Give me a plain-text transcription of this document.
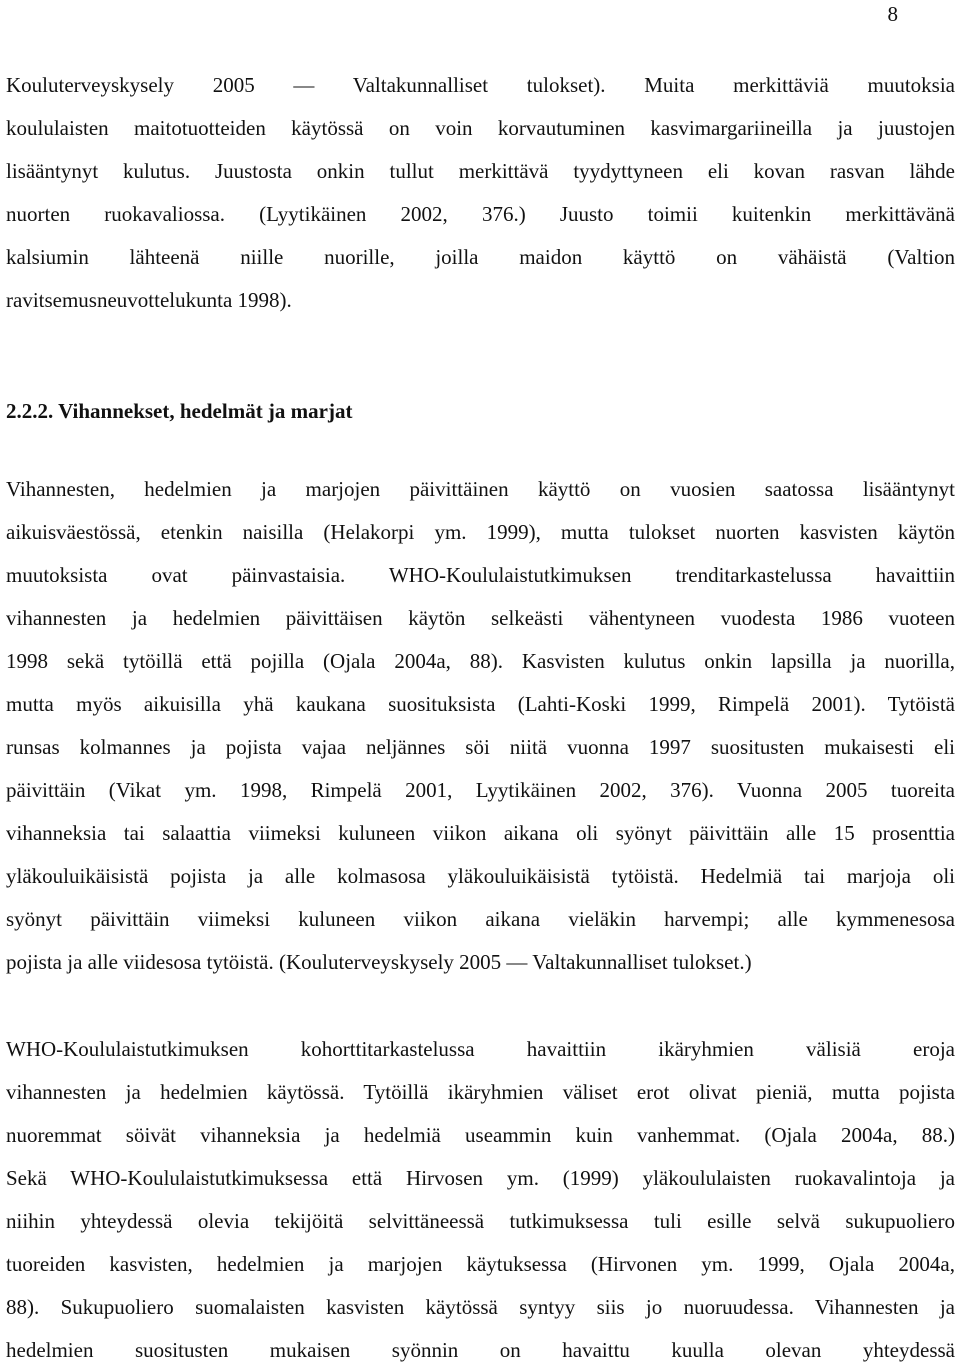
8
Kouluterveyskysely 2005 — Valtakunnalliset tulokset). Muita merkittäviä muutoksia
koululaisten maitotuotteiden käytössä on voin korvautuminen kasvimargariineilla ja juustojen
lisääntynyt kulutus. Juustosta onkin tullut merkittävä tyydyttyneen eli kovan rasvan lähde
nuorten ruokavaliossa. (Lyytikäinen 2002, 376.) Juusto toimii kuitenkin merkittävänä
kalsiumin lähteenä niille nuorille, joilla maidon käyttö on vähäistä (Valtion
ravitsemusneuvottelukunta 1998).
2.2.2. Vihannekset, hedelmät ja marjat
Vihannesten, hedelmien ja marjojen päivittäinen käyttö on vuosien saatossa lisääntynyt
aikuisväestössä, etenkin naisilla (Helakorpi ym. 1999), mutta tulokset nuorten kasvisten käytön
muutoksista ovat päinvastaisia. WHO-Koululaistutkimuksen trenditarkastelussa havaittiin
vihannesten ja hedelmien päivittäisen käytön selkeästi vähentyneen vuodesta 1986 vuoteen
1998 sekä tytöillä että pojilla (Ojala 2004a, 88). Kasvisten kulutus onkin lapsilla ja nuorilla,
mutta myös aikuisilla yhä kaukana suosituksista (Lahti-Koski 1999, Rimpelä 2001). Tytöistä
runsas kolmannes ja pojista vajaa neljännes söi niitä vuonna 1997 suositusten mukaisesti eli
päivittäin (Vikat ym. 1998, Rimpelä 2001, Lyytikäinen 2002, 376). Vuonna 2005 tuoreita
vihanneksia tai salaattia viimeksi kuluneen viikon aikana oli syönyt päivittäin alle 15 prosenttia
yläkouluikäisistä pojista ja alle kolmasosa yläkouluikäisistä tytöistä. Hedelmiä tai marjoja oli
syönyt päivittäin viimeksi kuluneen viikon aikana vieläkin harvempi; alle kymmenesosa
pojista ja alle viidesosa tytöistä. (Kouluterveyskysely 2005 — Valtakunnalliset tulokset.)
WHO-Koululaistutkimuksen kohorttitarkastelussa havaittiin ikäryhmien välisiä eroja
vihannesten ja hedelmien käytössä. Tytöillä ikäryhmien väliset erot olivat pieniä, mutta pojista
nuoremmat söivät vihanneksia ja hedelmiä useammin kuin vanhemmat. (Ojala 2004a, 88.)
Sekä WHO-Koululaistutkimuksessa että Hirvosen ym. (1999) yläkoululaisten ruokavalintoja ja
niihin yhteydessä olevia tekijöitä selvittäneessä tutkimuksessa tuli esille selvä sukupuoliero
tuoreiden kasvisten, hedelmien ja marjojen käytuksessa (Hirvonen ym. 1999, Ojala 2004a,
88). Sukupuoliero suomalaisten kasvisten käytössä syntyy siis jo nuoruudessa. Vihannesten ja
hedelmien suositusten mukaisen syönnin on havaittu kuulla olevan yhteydessä
